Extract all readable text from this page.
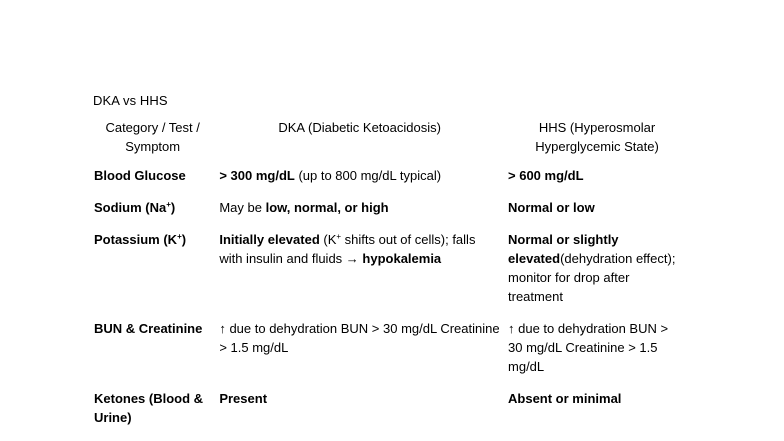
DKA vs HHS
Category / Test / Symptom	DKA (Diabetic Ketoacidosis)	HHS (Hyperosmolar Hyperglycemic State)
Blood Glucose	> 300 mg/dL (up to 800 mg/dL typical)	> 600 mg/dL
Sodium (Na+)	May be low, normal, or high	Normal or low
Potassium (K+)	Initially elevated (K+ shifts out of cells); falls with insulin and fluids → hypokalemia	Normal or slightly elevated(dehydration effect); monitor for drop after treatment
BUN & Creatinine	↑ due to dehydration BUN > 30 mg/dL Creatinine > 1.5 mg/dL	↑ due to dehydration BUN > 30 mg/dL Creatinine > 1.5 mg/dL
Ketones (Blood & Urine)	Present	Absent or minimal
